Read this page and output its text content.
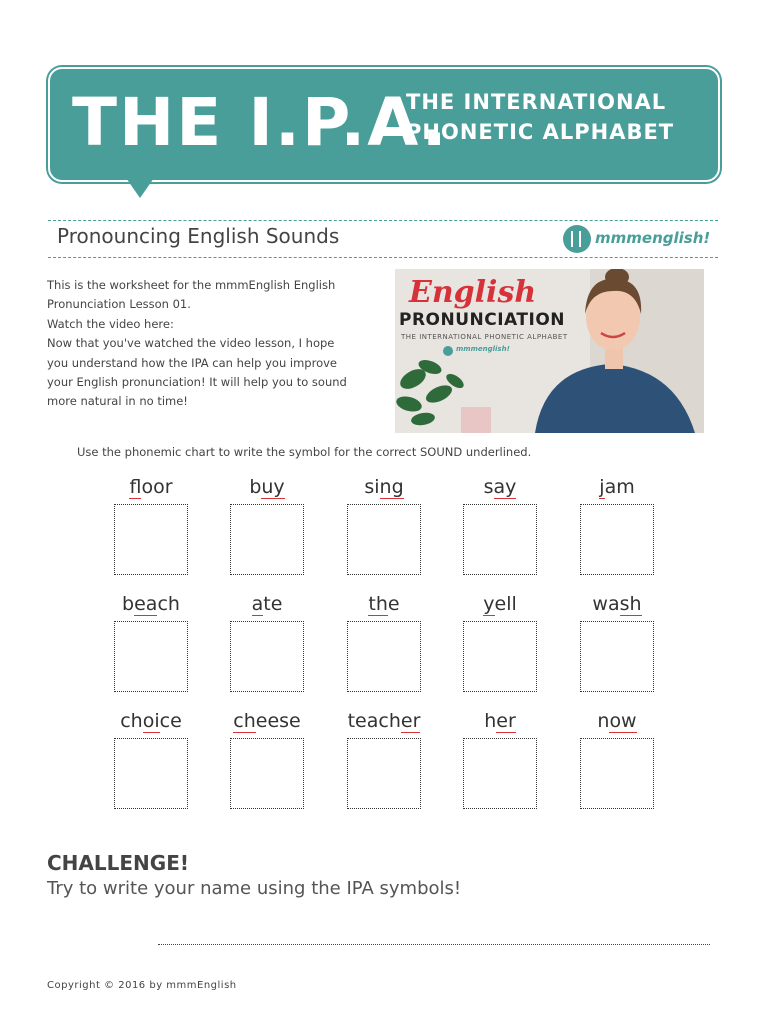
THE I.P.A.
THE INTERNATIONAL
PHONETIC ALPHABET
Pronouncing English Sounds	mmmenglish!
This is the worksheet for the mmmEnglish English
Pronunciation Lesson 01.
Watch the video here:
Now that you've watched the video lesson, I hope
you understand how the IPA can help you improve
your English pronunciation! It will help you to sound
more natural in no time!
English
PRONUNCIATION
THE INTERNATIONAL PHONETIC ALPHABET
mmmenglish!
Use the phonemic chart to write the symbol for the correct SOUND underlined.
floor	buy	sing	say	jam
beach	ate	the	yell	wash
choice	cheese	teacher	her	now
CHALLENGE!
Try to write your name using the IPA symbols!
Copyright © 2016 by mmmEnglish
